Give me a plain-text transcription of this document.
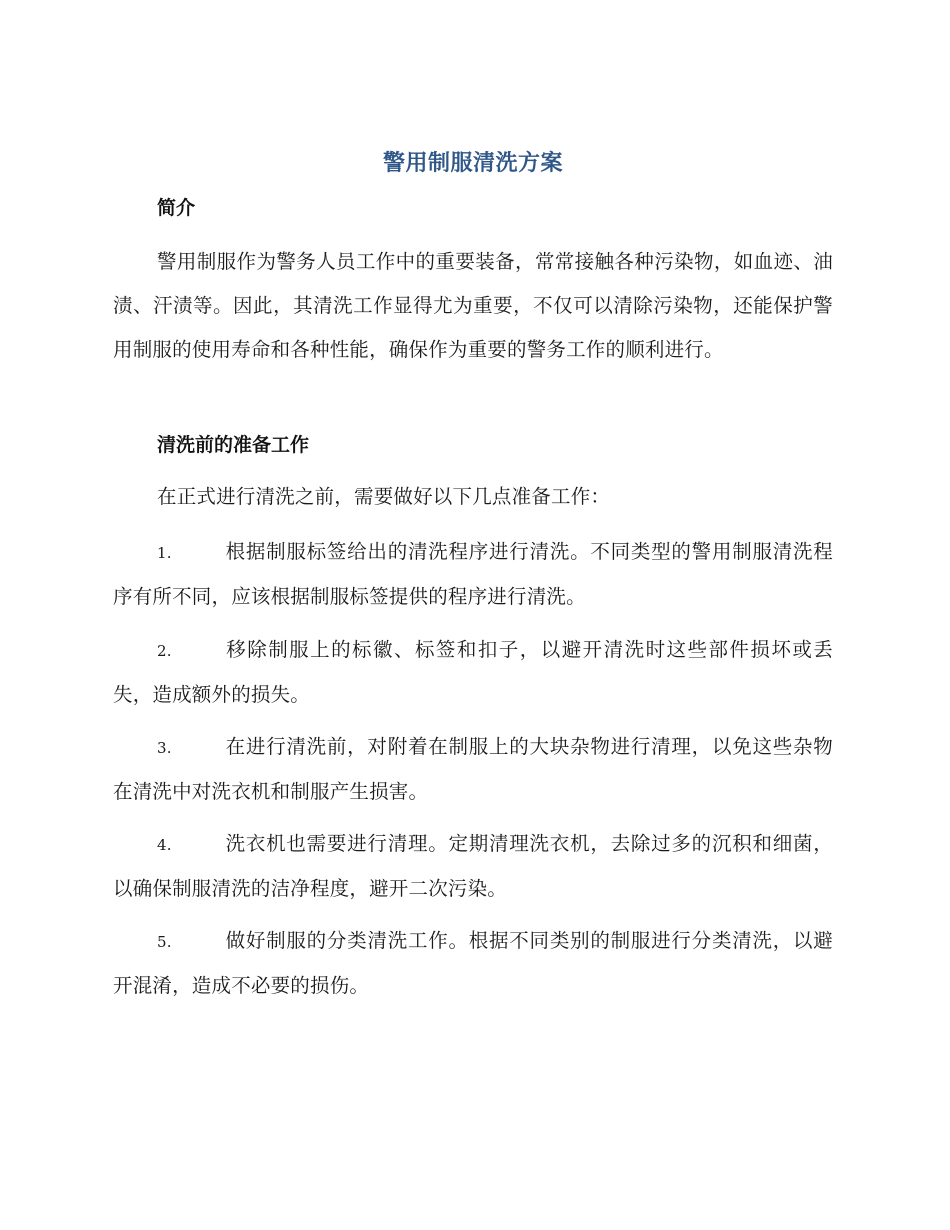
警用制服清洗方案
简介
警用制服作为警务人员工作中的重要装备，常常接触各种污染物，如血迹、油渍、汗渍等。因此，其清洗工作显得尤为重要，不仅可以清除污染物，还能保护警用制服的使用寿命和各种性能，确保作为重要的警务工作的顺利进行。
清洗前的准备工作
在正式进行清洗之前，需要做好以下几点准备工作：
1.	根据制服标签给出的清洗程序进行清洗。不同类型的警用制服清洗程序有所不同，应该根据制服标签提供的程序进行清洗。
2.	移除制服上的标徽、标签和扣子，以避开清洗时这些部件损坏或丢失，造成额外的损失。
3.	在进行清洗前，对附着在制服上的大块杂物进行清理，以免这些杂物在清洗中对洗衣机和制服产生损害。
4.	洗衣机也需要进行清理。定期清理洗衣机，去除过多的沉积和细菌，以确保制服清洗的洁净程度，避开二次污染。
5.	做好制服的分类清洗工作。根据不同类别的制服进行分类清洗，以避开混淆，造成不必要的损伤。
